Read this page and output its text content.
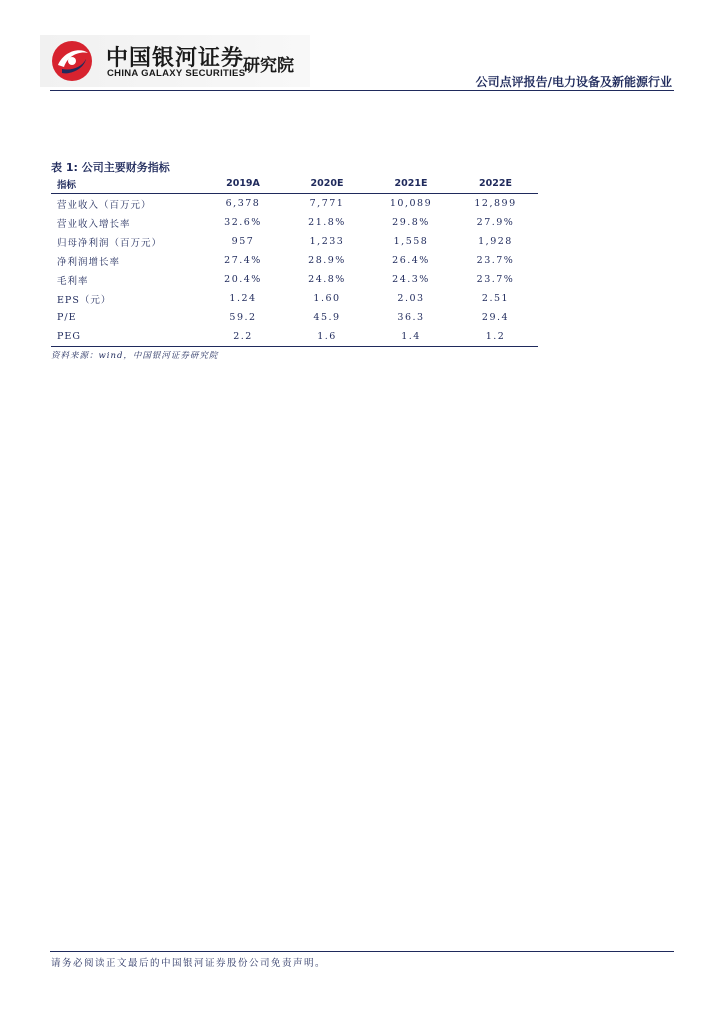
中国银河证券
CHINA GALAXY SECURITIES
研究院
公司点评报告/电力设备及新能源行业
表 1: 公司主要财务指标
指标	2019A	2020E	2021E	2022E
营业收入（百万元）	6,378	7,771	10,089	12,899
营业收入增长率	32.6%	21.8%	29.8%	27.9%
归母净利润（百万元）	957	1,233	1,558	1,928
净利润增长率	27.4%	28.9%	26.4%	23.7%
毛利率	20.4%	24.8%	24.3%	23.7%
EPS（元）	1.24	1.60	2.03	2.51
P/E	59.2	45.9	36.3	29.4
PEG	2.2	1.6	1.4	1.2
资料来源：wind，中国银河证券研究院
请务必阅读正文最后的中国银河证券股份公司免责声明。
